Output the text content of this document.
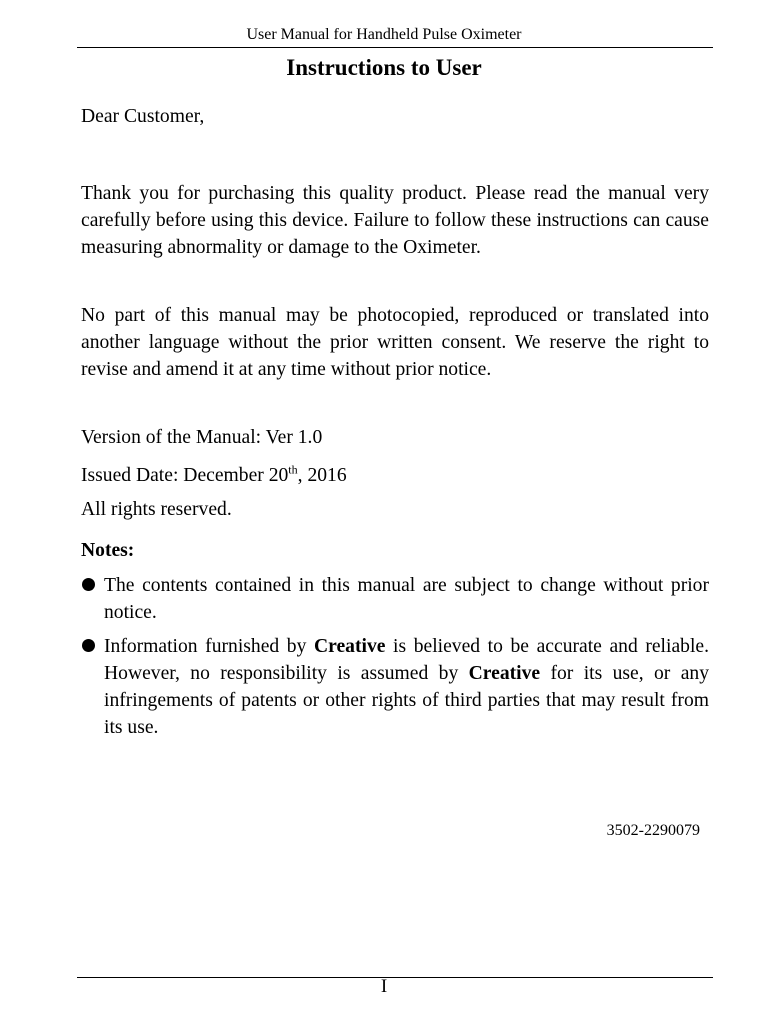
User Manual for Handheld Pulse Oximeter
Instructions to User

Dear Customer,

Thank you for purchasing this quality product. Please read the manual very carefully before using this device. Failure to follow these instructions can cause measuring abnormality or damage to the Oximeter.

No part of this manual may be photocopied, reproduced or translated into another language without the prior written consent. We reserve the right to revise and amend it at any time without prior notice.

Version of the Manual: Ver 1.0

Issued Date: December 20th, 2016

All rights reserved.

Notes:

The contents contained in this manual are subject to change without prior notice.
Information furnished by Creative is believed to be accurate and reliable. However, no responsibility is assumed by Creative for its use, or any infringements of patents or other rights of third parties that may result from its use.
3502-2290079
I
